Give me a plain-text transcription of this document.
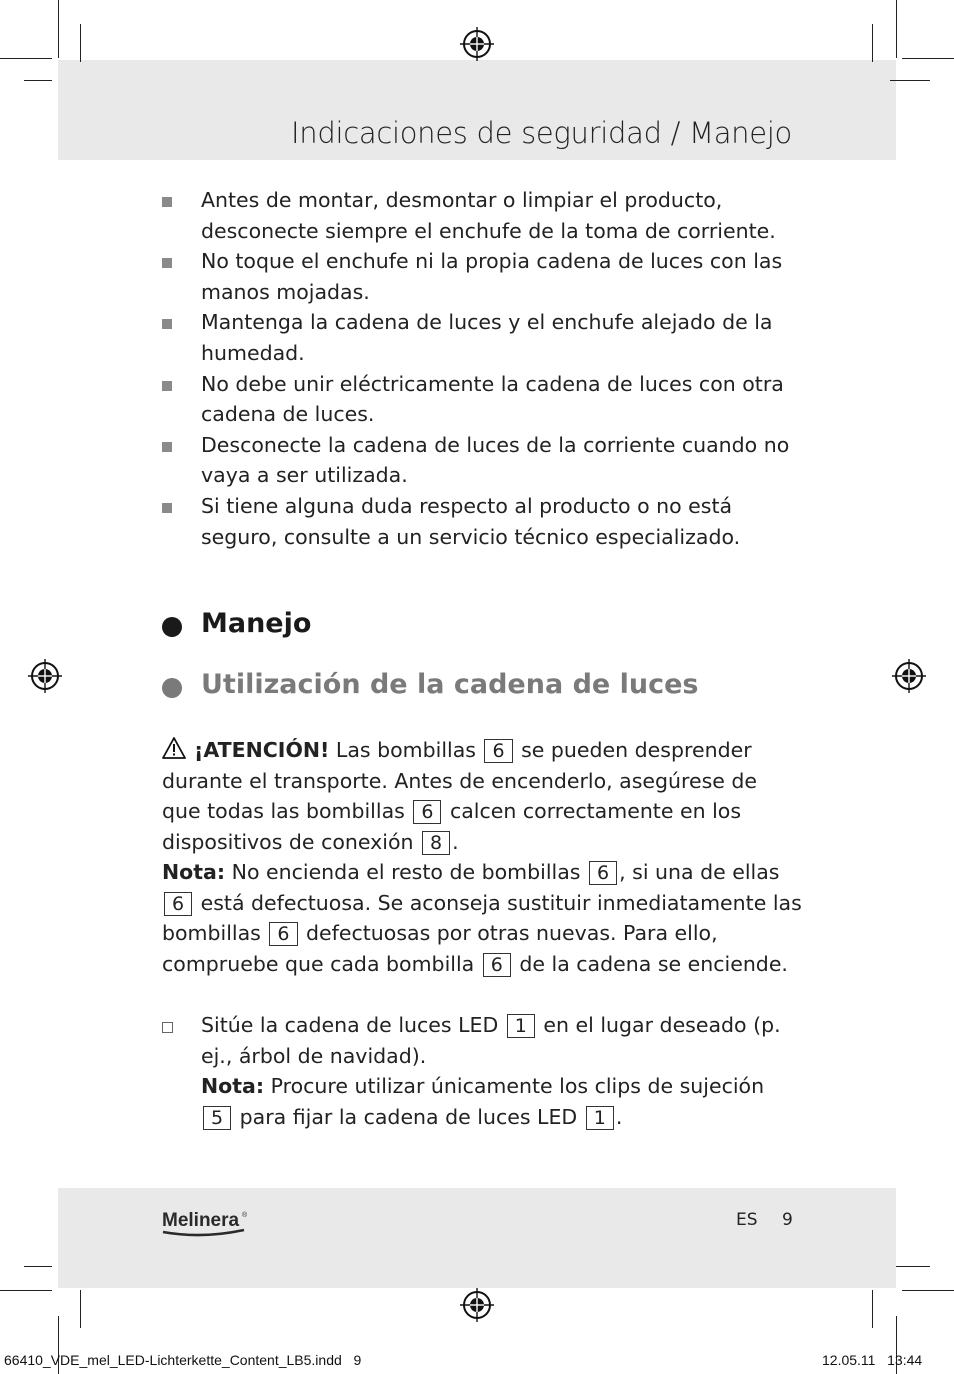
Indicaciones de seguridad / Manejo
Antes de montar, desmontar o limpiar el producto, desconecte siempre el enchufe de la toma de corriente.
No toque el enchufe ni la propia cadena de luces con las manos mojadas.
Mantenga la cadena de luces y el enchufe alejado de la humedad.
No debe unir eléctricamente la cadena de luces con otra cadena de luces.
Desconecte la cadena de luces de la corriente cuando no vaya a ser utilizada.
Si tiene alguna duda respecto al producto o no está seguro, consulte a un servicio técnico especializado.
Manejo
Utilización de la cadena de luces
¡ATENCIÓN! Las bombillas 6 se pueden desprender durante el transporte. Antes de encenderlo, asegúrese de que todas las bombillas 6 calcen correctamente en los dispositivos de conexión 8 .
Nota: No encienda el resto de bombillas 6 , si una de ellas 6 está defectuosa. Se aconseja sustituir inmediatamente las bombillas 6 defectuosas por otras nuevas. Para ello, compruebe que cada bombilla 6 de la cadena se enciende.
Sitúe la cadena de luces LED 1 en el lugar deseado (p. ej., árbol de navidad).
Nota: Procure utilizar únicamente los clips de sujeción 5 para fijar la cadena de luces LED 1 .
Melinera ®	ES 9
66410_VDE_mel_LED-Lichterkette_Content_LB5.indd   9	12.05.11   13:44
